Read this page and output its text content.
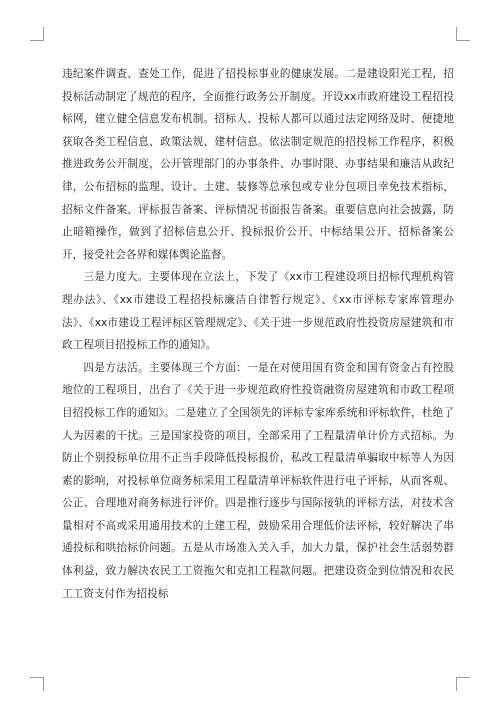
违纪案件调查、查处工作，促进了招投标事业的健康发展。二是建设阳光工程，招投标活动制定了规范的程序，全面推行政务公开制度。开设xx市政府建设工程招投标网，建立健全信息发布机制。招标人、投标人都可以通过法定网络及时、便捷地获取各类工程信息、政策法规、建材信息。依法制定规范的招投标工作程序，积极推进政务公开制度，公开管理部门的办事条件、办事时限、办事结果和廉洁从政纪律，公布招标的监理、设计、土建、装修等总承包或专业分包项目幸免技术指标，招标文件备案、评标报告备案、评标情况书面报告备案。重要信息向社会披露，防止暗箱操作，做到了招标信息公开、投标报价公开、中标结果公开、招标备案公开，接受社会各界和媒体舆论监督。

三是力度大。主要体现在立法上，下发了《xx市工程建设项目招标代理机构管理办法》、《xx市建设工程招投标廉洁自律暂行规定》、《xx市评标专家库管理办法》、《xx市建设工程评标区管理规定》、《关于进一步规范政府性投资房屋建筑和市政工程项目招投标工作的通知》。

四是方法活。主要体现三个方面：一是在对使用国有资金和国有资金占有控股地位的工程项目，出台了《关于进一步规范政府性投资融资房屋建筑和市政工程项目招投标工作的通知》。二是建立了全国领先的评标专家库系统和评标软件，杜绝了人为因素的干扰。三是国家投资的项目，全部采用了工程量清单计价方式招标。为防止个别投标单位用不正当手段降低投标报价，私改工程量清单骗取中标等人为因素的影响，对投标单位商务标采用工程量清单评标软件进行电子评标，从而客观、公正、合理地对商务标进行评价。四是推行逐步与国际接轨的评标方法，对技术含量相对不高或采用通用技术的土建工程，鼓励采用合理低价法评标，较好解决了串通投标和哄抬标价问题。五是从市场准入关入手，加大力量，保护社会生活弱势群体利益，致力解决农民工工资拖欠和克扣工程款问题。把建设资金到位情况和农民工工资支付作为招投标
